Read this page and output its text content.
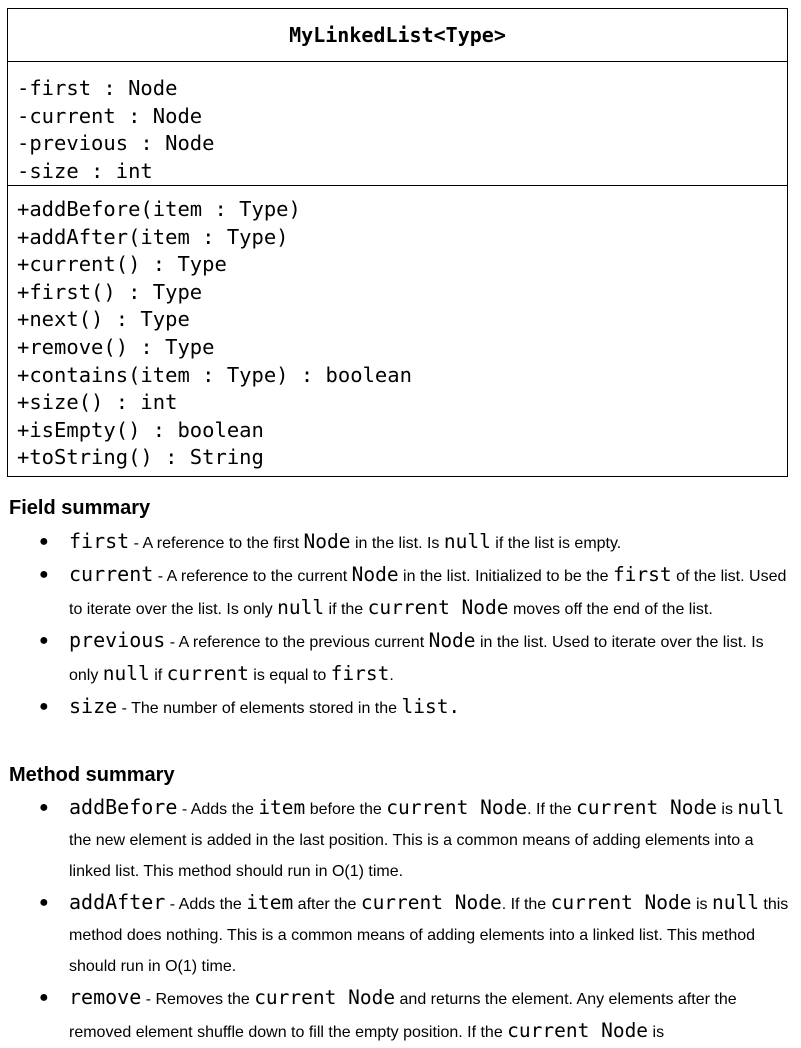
MyLinkedList<Type>
-first : Node
-current : Node
-previous : Node
-size : int
+addBefore(item : Type)
+addAfter(item : Type)
+current() : Type
+first() : Type
+next() : Type
+remove() : Type
+contains(item : Type) : boolean
+size() : int
+isEmpty() : boolean
+toString() : String
Field summary
● first - A reference to the first Node in the list. Is null if the list is empty.
● current - A reference to the current Node in the list. Initialized to be the first of the list. Used to iterate over the list. Is only null if the current Node moves off the end of the list.
● previous - A reference to the previous current Node in the list. Used to iterate over the list. Is only null if current is equal to first.
● size - The number of elements stored in the list.
Method summary
● addBefore - Adds the item before the current Node. If the current Node is null the new element is added in the last position. This is a common means of adding elements into a linked list. This method should run in O(1) time.
● addAfter - Adds the item after the current Node. If the current Node is null this method does nothing. This is a common means of adding elements into a linked list. This method should run in O(1) time.
● remove - Removes the current Node and returns the element. Any elements after the removed element shuffle down to fill the empty position. If the current Node is
